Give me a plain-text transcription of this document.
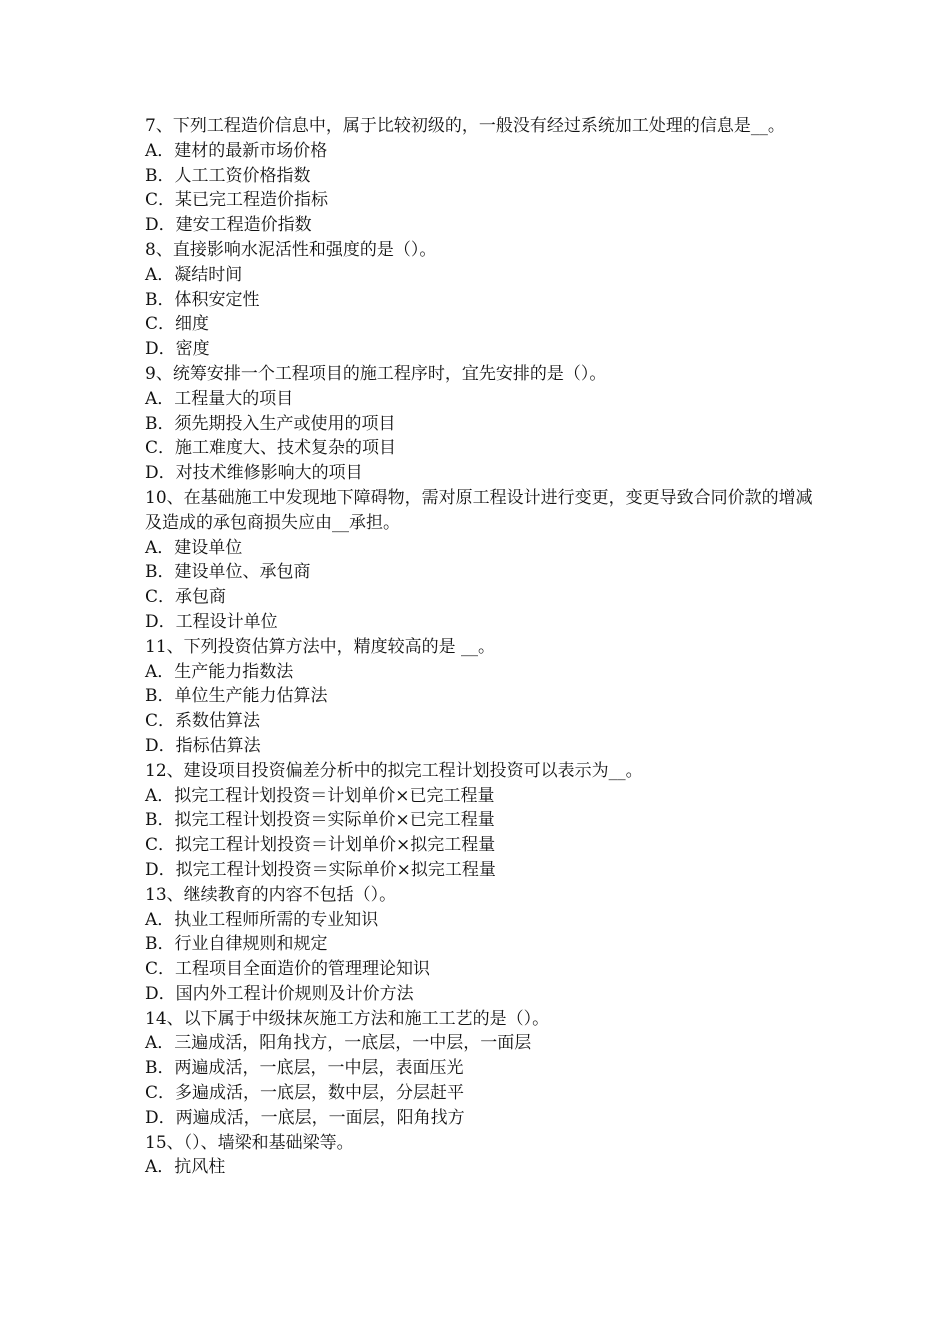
7、下列工程造价信息中，属于比较初级的，一般没有经过系统加工处理的信息是__。
A．建材的最新市场价格
B．人工工资价格指数
C．某已完工程造价指标
D．建安工程造价指数
8、直接影响水泥活性和强度的是（）。
A．凝结时间
B．体积安定性
C．细度
D．密度
9、统筹安排一个工程项目的施工程序时，宜先安排的是（）。
A．工程量大的项目
B．须先期投入生产或使用的项目
C．施工难度大、技术复杂的项目
D．对技术维修影响大的项目
10、在基础施工中发现地下障碍物，需对原工程设计进行变更，变更导致合同价款的增减及造成的承包商损失应由__承担。
A．建设单位
B．建设单位、承包商
C．承包商
D．工程设计单位
11、下列投资估算方法中，精度较高的是 __。
A．生产能力指数法
B．单位生产能力估算法
C．系数估算法
D．指标估算法
12、建设项目投资偏差分析中的拟完工程计划投资可以表示为__。
A．拟完工程计划投资＝计划单价×已完工程量
B．拟完工程计划投资＝实际单价×已完工程量
C．拟完工程计划投资＝计划单价×拟完工程量
D．拟完工程计划投资＝实际单价×拟完工程量
13、继续教育的内容不包括（）。
A．执业工程师所需的专业知识
B．行业自律规则和规定
C．工程项目全面造价的管理理论知识
D．国内外工程计价规则及计价方法
14、以下属于中级抹灰施工方法和施工工艺的是（）。
A．三遍成活，阳角找方，一底层，一中层，一面层
B．两遍成活，一底层，一中层，表面压光
C．多遍成活，一底层，数中层，分层赶平
D．两遍成活，一底层，一面层，阳角找方
15、（）、墙梁和基础梁等。
A．抗风柱
